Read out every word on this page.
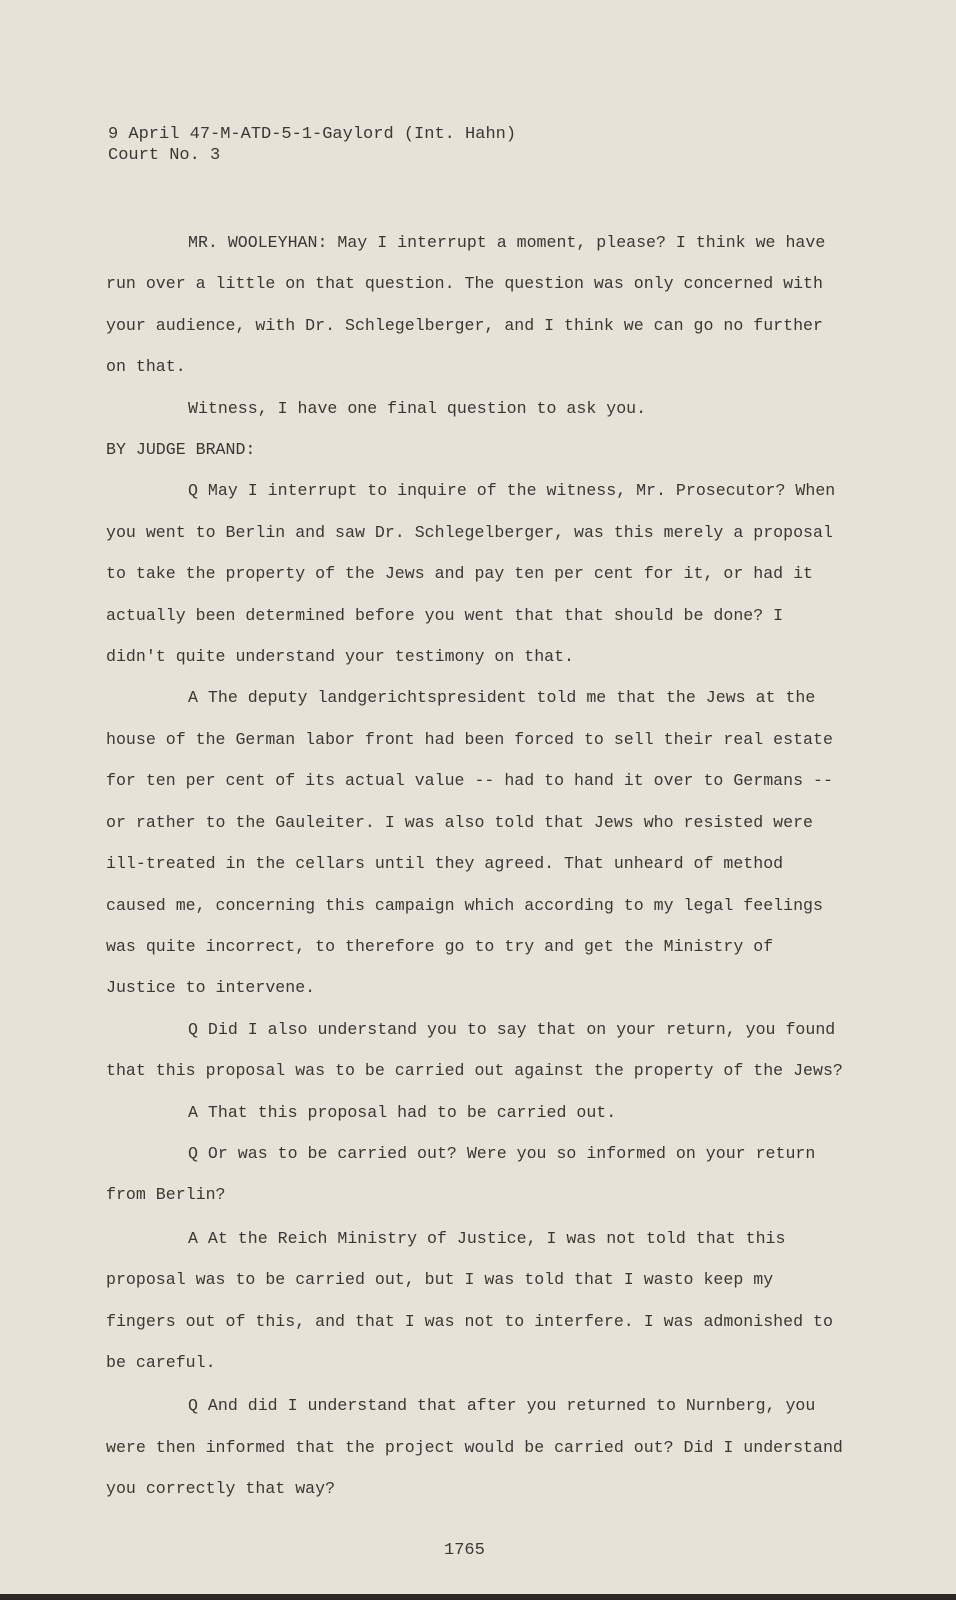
9 April 47-M-ATD-5-1-Gaylord (Int. Hahn)
Court No. 3

MR. WOOLEYHAN: May I interrupt a moment, please? I think we have run over a little on that question. The question was only concerned with your audience, with Dr. Schlegelberger, and I think we can go no further on that.

Witness, I have one final question to ask you.

BY JUDGE BRAND:

Q May I interrupt to inquire of the witness, Mr. Prosecutor? When you went to Berlin and saw Dr. Schlegelberger, was this merely a proposal to take the property of the Jews and pay ten per cent for it, or had it actually been determined before you went that that should be done? I didn't quite understand your testimony on that.

A The deputy landgerichtspresident told me that the Jews at the house of the German labor front had been forced to sell their real estate for ten per cent of its actual value -- had to hand it over to Germans -- or rather to the Gauleiter. I was also told that Jews who resisted were ill-treated in the cellars until they agreed. That unheard of method caused me, concerning this campaign which according to my legal feelings was quite incorrect, to therefore go to try and get the Ministry of Justice to intervene.

Q Did I also understand you to say that on your return, you found that this proposal was to be carried out against the property of the Jews?

A That this proposal had to be carried out.

Q Or was to be carried out? Were you so informed on your return from Berlin?

A At the Reich Ministry of Justice, I was not told that this proposal was to be carried out, but I was told that I wasto keep my fingers out of this, and that I was not to interfere. I was admonished to be careful.

Q And did I understand that after you returned to Nurnberg, you were then informed that the project would be carried out? Did I understand you correctly that way?

1765
